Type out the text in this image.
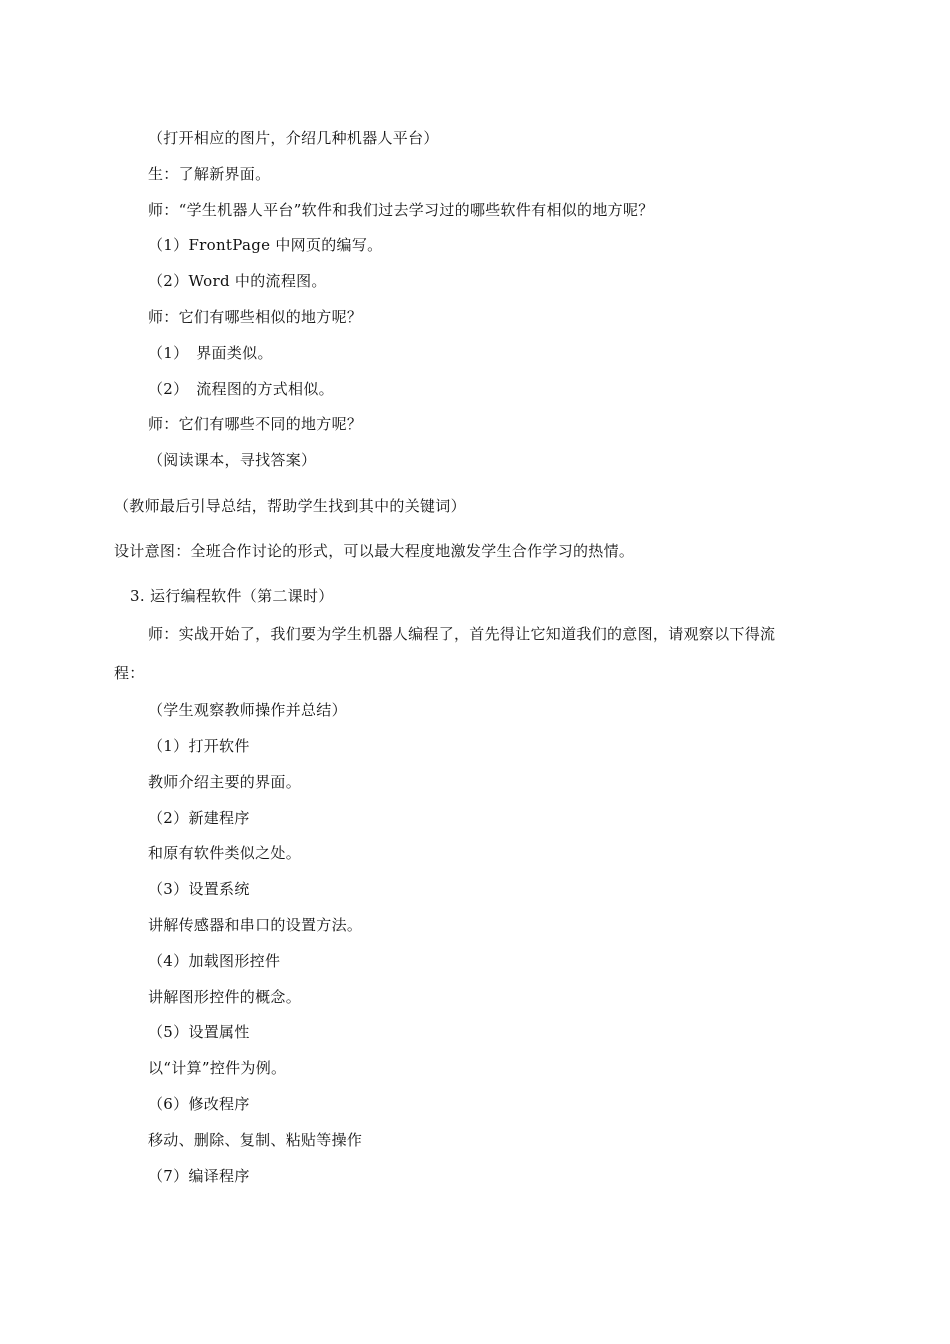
（打开相应的图片，介绍几种机器人平台）
生：了解新界面。
师：“学生机器人平台”软件和我们过去学习过的哪些软件有相似的地方呢？
（1）FrontPage 中网页的编写。
（2）Word 中的流程图。
师：它们有哪些相似的地方呢？
（1）　界面类似。
（2）　流程图的方式相似。
师：它们有哪些不同的地方呢？
（阅读课本，寻找答案）
（教师最后引导总结，帮助学生找到其中的关键词）
设计意图：全班合作讨论的形式，可以最大程度地激发学生合作学习的热情。
3. 运行编程软件（第二课时）
师：实战开始了，我们要为学生机器人编程了，首先得让它知道我们的意图，请观察以下得流
程：
（学生观察教师操作并总结）
（1）打开软件
教师介绍主要的界面。
（2）新建程序
和原有软件类似之处。
（3）设置系统
讲解传感器和串口的设置方法。
（4）加载图形控件
讲解图形控件的概念。
（5）设置属性
以“计算”控件为例。
（6）修改程序
移动、删除、复制、粘贴等操作
（7）编译程序
